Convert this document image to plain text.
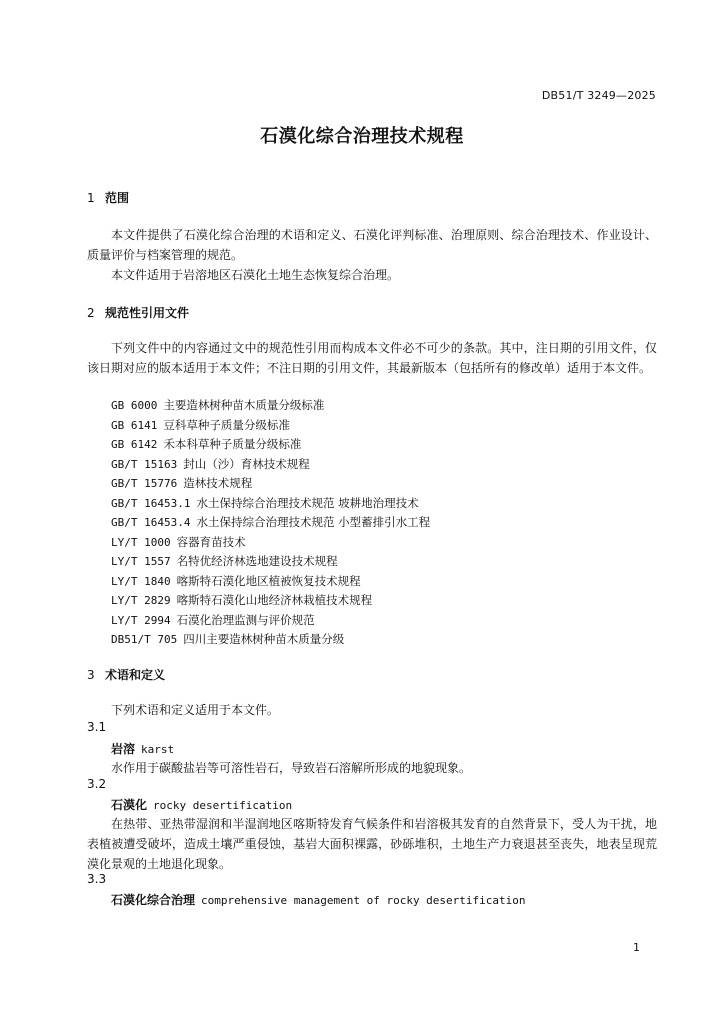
DB51/T 3249—2025
石漠化综合治理技术规程
1 范围
本文件提供了石漠化综合治理的术语和定义、石漠化评判标准、治理原则、综合治理技术、作业设计、质量评价与档案管理的规范。
本文件适用于岩溶地区石漠化土地生态恢复综合治理。
2 规范性引用文件
下列文件中的内容通过文中的规范性引用而构成本文件必不可少的条款。其中，注日期的引用文件，仅该日期对应的版本适用于本文件；不注日期的引用文件，其最新版本（包括所有的修改单）适用于本文件。
GB 6000 主要造林树种苗木质量分级标准
GB 6141 豆科草种子质量分级标准
GB 6142 禾本科草种子质量分级标准
GB/T 15163 封山（沙）育林技术规程
GB/T 15776 造林技术规程
GB/T 16453.1 水土保持综合治理技术规范 坡耕地治理技术
GB/T 16453.4 水土保持综合治理技术规范 小型蓄排引水工程
LY/T 1000 容器育苗技术
LY/T 1557 名特优经济林选地建设技术规程
LY/T 1840 喀斯特石漠化地区植被恢复技术规程
LY/T 2829 喀斯特石漠化山地经济林栽植技术规程
LY/T 2994 石漠化治理监测与评价规范
DB51/T 705 四川主要造林树种苗木质量分级
3 术语和定义
下列术语和定义适用于本文件。
3.1
岩溶 karst
水作用于碳酸盐岩等可溶性岩石，导致岩石溶解所形成的地貌现象。
3.2
石漠化 rocky desertification
在热带、亚热带湿润和半湿润地区喀斯特发育气候条件和岩溶极其发育的自然背景下，受人为干扰，地表植被遭受破坏，造成土壤严重侵蚀，基岩大面积裸露，砂砾堆积，土地生产力衰退甚至丧失，地表呈现荒漠化景观的土地退化现象。
3.3
石漠化综合治理 comprehensive management of rocky desertification
1
